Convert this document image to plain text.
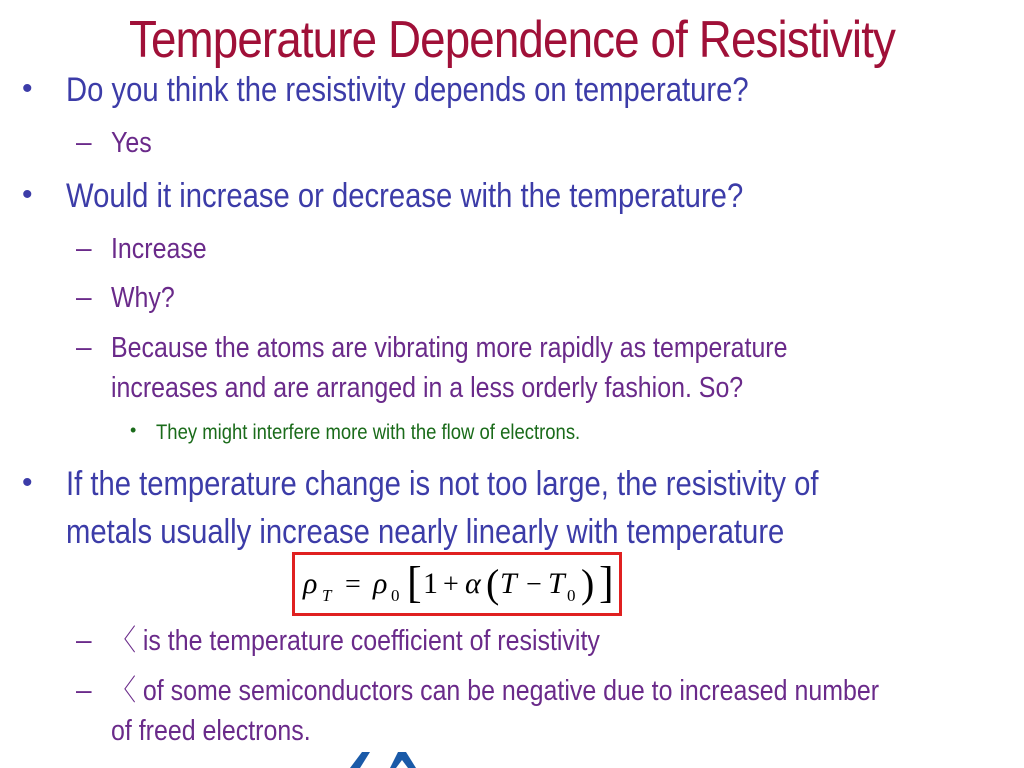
Temperature Dependence of Resistivity
• Do you think the resistivity depends on temperature?
– Yes
• Would it increase or decrease with the temperature?
– Increase
– Why?
– Because the atoms are vibrating more rapidly as temperature
increases and are arranged in a less orderly fashion. So?
• They might interfere more with the flow of electrons.
• If the temperature change is not too large, the resistivity of
metals usually increase nearly linearly with temperature
ρ T = ρ 0 [ 1 + α ( T − T 0 ) ]
– 〈 is the temperature coefficient of resistivity
– 〈 of some semiconductors can be negative due to increased number
of freed electrons.
